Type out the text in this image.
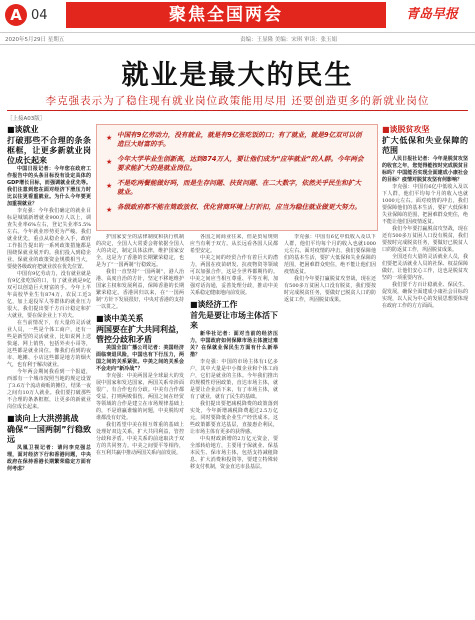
A 04	聚焦全国两会	青岛早报
2020年5月29日 星期五	责编：王显隆 美编：宋琪 审读：张玉娟
就业是最大的民生
李克强表示为了稳住现有就业岗位政策能用尽用 还要创造更多的新就业岗位
［上接A03版］
★ 中国有9亿劳动力，没有就业，就是有9亿张吃饭的口；有了就业，就是9亿双可以创造巨大财富的手。
★ 今年大学毕业生创新高，达到874万人，要让他们成为“应毕就业”的人群。今年两会要求能扩大的是就业岗位。
★ 不是吃两餐能做好吗，而是生存问题、扶贫问题、在二大数字，依然关乎民生和扩大就业。
★ 各级政府都不能在简政放权、优化营商环境上打折扣，应当为稳住就业做更大努力。
■谈就业
打破那些不合理的条条框框，让更多新就业岗位成长起来

中国日报记者：今年您在政府工作报告中的头条目标没有设定具体的GDP增长目标，而强调就业优先等。我们注意到您在面对经济下滑压力时比以往更看重就业。为什么今年要更加重视就业？

李克强：今年我们确定的就业目标是城镇新增就业900万人以上，调查失业率6%左右，登记失业率5.5%左右。今年就业形势更为严峻。我们就业优先，重点从稳企业入手，政府工作报告提出的一系列政策措施都是围绕保就业展开的。我们投入到稳企业、保就业的政策资金规模相当大，要使各级政府把就业放在优先位置。

中国有9亿劳动力，没有就业就是有9亿张吃饭的口，有了就业就是9亿双可以创造巨大财富的手。今年上半年高校毕业生有874万，农民工近3亿，加上退役军人等群体的就业压力很大。我们提出要千方百计稳定和扩大就业，要在保企业上下功夫。

在当前情况下，有大量的灵活就业人员，一些是个体工商户，还有一些是新型的灵活就业，比如说网上送快递、网上销售，包括外卖小哥等，这些都是就业岗位。像我们看到的夜市、地摊、小店这些都是地方的烟火气，也有利于解决就业。

今年两会期间我看到一个报道，西部有一个城市按照当地的规定设置了3.6万个流动商贩的摊位，结果一夜之间有10万人就业。我们要打破那些不合理的条条框框，让更多的新就业岗位成长起来。

■谈向上大洪涝挑战
确保“一国两制”行稳致远

凤凰卫视记者：请问李克强总理，面对经济下行和香港问题，中央政府在保持香港长期繁荣稳定方面有何考虑？

护国家安全的法律制度和执行机制的决定，全国人大常委会将依据全国人大的决定，制定具体法律，维护国家安全，这是为了香港的长期繁荣稳定，也是为了“一国两制”行稳致远。

我们一直坚持“一国两制”，港人治港、高度自治的方针，坚定不移地维护国家主权和发展利益，保障香港的长期繁荣稳定。香港回归以来，在“一国两制”方针下发展很好，中央对香港的支持一以贯之。

■谈中美关系
两国要在扩大共同利益，管控分歧和矛盾

美国全国广播公司记者：美国经济面临衰退风险，中国也有下行压力，两国之间的关系紧张。中美之间的关系会不会走向“新冷战”？

李克强：中美两国是全球最大的发展中国家和发达国家，两国关系牵涉面很广，有合作也有分歧。中美有合作都受益，打则两败俱伤。两国之间在经贸等领域的合作是建立在市场规律基础上的，不是谁赢谁输的问题，中美脱钩对谁都没有好处。

我们希望中美在相互尊重的基础上处理好双边关系，扩大共同利益，管控分歧和矛盾。中美关系的前途取决于双方的共同努力。中美之间要平等相待，在互利共赢中推动两国关系向前发展。

各国之间商业往来，但是贸易规则应当有利于双方。从长远看各国人民都希望安定。

中美之间的经贸合作有着巨大的潜力，两国在疫苗研发、抗疫物资等领域可以加强合作，这是全世界都期待的。中美之间应当相互尊重、平等互利，加强对话沟通，妥善处理分歧，推动中美关系稳定健康地向前发展。

■谈经济工作
首先是要让市场主体活下来

新华社记者：面对当前的经济压力，中国政府如何保障市场主体渡过难关？在保就业保民生方面有什么新举措？

李克强：中国的市场主体有1亿多户，其中大量是中小微企业和个体工商户，它们是就业的主体。今年我们推出的规模性纾困政策，直达市场主体，就是要让企业活下来，有了市场主体，就有了就业，就有了民生的基础。

我们提出要把减税降费的政策落到实处，今年新增减税降费超过2.5万亿元，同时要降低企业生产经营成本。这些政策都要直达基层，直接惠企利民，让市场主体有更多的获得感。

中央财政新增的2万亿元资金，要全部转给地方，主要用于保就业、保基本民生、保市场主体，包括支持减租降息、扩大消费和投资等，要建立特殊转移支付机制，资金直达市县基层。

李克强：中国有6亿中低收入及以下人群，他们平均每个月的收入也就1000元左右。面对疫情的冲击，我们要保障他们的基本生活，要扩大低保和失业保障的范围，把困难群众兜住，绝不能让他们因疫情返贫。

我们今年要打赢脱贫攻坚战，现在还有500多万贫困人口没有脱贫，我们要按时完成脱贫任务，要做好已脱贫人口的防返贫工作，巩固脱贫成果。

■谈脱贫攻坚
扩大低保和失业保障的范围

人民日报社记者：今年是脱贫攻坚的收官之年，您觉得能按时完成脱贫目标吗？中国能否实现全面建成小康社会的目标？疫情对脱贫攻坚有何影响？

李克强：中国有6亿中低收入及以下人群，他们平均每个月的收入也就1000元左右。面对疫情的冲击，我们要保障他们的基本生活，要扩大低保和失业保障的范围，把困难群众兜住，绝不能让他们因疫情返贫。

我们今年要打赢脱贫攻坚战，现在还有500多万贫困人口没有脱贫，我们要按时完成脱贫任务，要做好已脱贫人口的防返贫工作，巩固脱贫成果。

全国还有大量的灵活就业人员，我们要把灵活就业人员的社保、权益保障做好，让他们安心工作，这也是脱贫攻坚的一项重要内容。

我们要千方百计稳就业、保民生、促发展，确保全面建成小康社会目标的实现，以人民为中心的发展思想要体现在政府工作的方方面面。
